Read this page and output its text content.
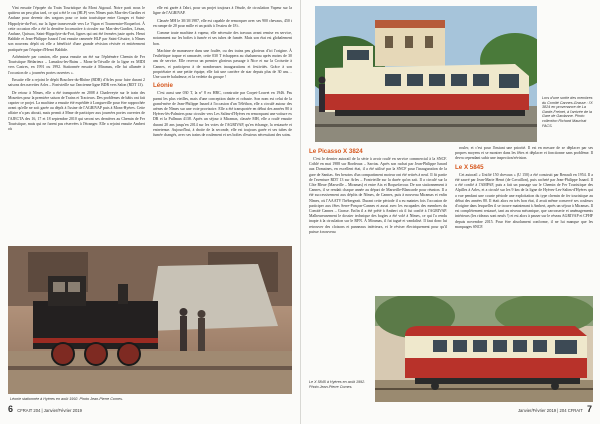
Vint ensuite l'épopée du Train Touristique du Mont Aigoual. Notre parti nous le quittera un peu plus tard, ce qui a été le cas (HLP) vers Nîmes puis Mas-des-Gardies et Anduze pour devenir des wagons pour ce train touristique entre Gonges et Saint-Hippolyte-du-Fort, sur la ligne transversale vers Le Vigan et Tournemire-Roquefort. À cette occasion elle a été la dernière locomotive à circuler sur Mas-des-Gardies, Lézan, Anduze, Quissac, Saint-Hippolyte-du-Fort, lignes qui ont été fermées juste après. Henri Baldide et Jean-Philippe Isnard l'ont ensuite ramenée HLP par Saint-Césaire, à Nîmes son nouveau dépôt où elle a bénéficié d'une grande révision révisée et entièrement pratiquée par l'équipe d'Henri Baldide.

Achéminée par camion, elle passa ensuite un été sur l'éphémère Chemin de Fer Touristique Bédarieux – Lamalou-les-Bains – Mons-la-Trivalle de la ligne ex MIDI vers Castres, en 1991 ou 1992. Stationnée ensuite à Miramas, elle fut allumée à l'occasion de « journées portes ouvertes ».

Ensuite elle a rejoint le dépôt Bouches-du-Rhône (BDR) d'Arles pour faire durant 2 saisons des navettes Arles – Fontvieille sur l'ancienne ligne BDR vers Salon (RDT 13).

De retour à Nîmes, elle a été transportée en 2008 à Chadeveyte sur le train des Mouettes pour la première saison de Trains et Tracteurs. Des problèmes de bâtis ont fait capoter ce projet. La machine a ensuite été expédiée à Longueville pour être rapprochée avant qu'elle ne soit garée au dépôt à l'usine de l'AGRIVAP puis à Mons-Hyères. Cette affaire n'a pas abouti, mais permit à Mme de participer aux journées portes ouvertes de l'AJECTA des 16, 17 et 18 septembre 2010 qui seront ses dernières au Chemin de Fer Touristique, mais qui ne furent pas réservées à l'étranger. Elle a rejoint ensuite Ambert où

elle est garée à l'abri, pour un projet toujours à l'étude, de circulation Vapeur sur la ligne de l'AGRIVAP.

Classée MH le 30/10/1987, elle est capable de remorquer avec ses 900 chevaux, 450 t en rampe de 20 pour mille et un poids à l'essieu de 18 t.

Comme toute machine à vapeur, elle nécessite des travaux avant remise en service, notamment sur les boîtes à fumée et ses tubes de fumée. Mais son état est globalement bon.

Machine de manœuvre dans une foulée, ou des trains peu glorieux d'ici l'origine. À l'esthétique trapue et ramassée, cette 030 T échappera au chalumeau après moins de 30 ans de service. Elle recevra un premier glorieux passage à Nice et sur la Croisette à Cannes, et participera à de nombreuses inaugurations et festivités. Grâce à son propriétaire et une petite équipe, elle fait une carrière de star depuis plus de 30 ans… Une sacrée baladeuse, et la vedette du groupe !

Léonie

C'est aussi une 030 T, la n° 8 ex HBC, construite par Corpet-Louvet en 1946. Pas parmi les plus vieilles, mais d'une conception datée et robuste. Son nom est celui de la grand-mère de Jean-Philippe Isnard à l'occasion d'un Téléthon, elle a circulé autour des arènes de Nîmes sur une voie provisoire. Elle a été transportée en début des années 80 à Hyères-lès-Palmiers pour circuler vers Les Salins-d'Hyères en remorquant une voiture ex DR et la Pullman 4138. Après un séjour à Miramas, classée MH, elle a roulé ensuite durant 20 ans jusqu'en 2014 sur les voies de l'AGRIVAP, qu'en échange, la restaurée et entretenue. Aujourd'hui, à droite de la seconde, elle est toujours garée et ses tubes de fumée changés, avec ses trains de roulement et ses boîtes d'essieux nécessitant des soins.

Léonie stationnée à Hyères en août 1992. Photo Jean-Pierre Comes.
6 CFRAIT 204 | Janvier/Février 2019
Lors d'une sortie des membres du Comité Cannes-Grasse : l'X 3824 en provenance de La Garde-Freinet, à l'arrivée de la Gare de Gardanne. Photo collection Richard Mauchat FACS.
Le Picasso X 3824

C'est le dernier autorail de la série à avoir roulé en service commercial à la SNCF. Criblé en mai 1988 sur Bordeaux – Sarrias. Après son rachat par Jean-Philippe Isnard aux Domaines, en excellent état, il a été utilisé par la SNCF pour l'inauguration de la gare de Sanitas. Ses besoins d'un compartiment moteur ont été retirés à neuf. Il fit partie de l'aventure RDT 13 sur Arles – Fontvieille sur la durée qu'on sait. Il a circulé sur la Côte Bleue (Marseille – Miramas) et entre Aix et Roquefavour. De son stationnement à Cannes, il se rendait chaque année au départ de Marseille-Blancarde pour réunion. Il a été successivement aux dépôts de Nîmes, de Cannes, puis à nouveau Miramas et enfin Nîmes, où l'AAATV l'hébergeait. Durant cette période il a eu maintes fois l'occasion de participer aux fêtes Serre-Ponçon-Cannes et aussi avec les escapades des membres du Comité Cannes – Grasse. Enfin il a été prêté à Ambert où il fut confié à l'AGRIVAP. Malheureusement le dossier technique des bogies a été volé à Nîmes, ce qui l'a rendu inapte à la circulation sur le RFN. À Miramas, il fut tagué et vandalisé. Il faut donc lui retrouver des cloisons et panneaux intérieurs, et le réviser électriquement pour qu'il puisse à nouveau

rouler, et c'est pour l'instant une priorité. Il est en mesure de se déplacer par ses propres moyens et se montrer dans les fêtes et déplacer et fonctionne sans problème. Il devra cependant subir une inspection/révision.

Le X 5845

Cet autorail « Unifié 150 chevaux » (U 150) a été construit par Renault en 1954. Il a été sauvé par Jean-Marie Henri (de Cavaillon), puis racheté par Jean-Philippe Isnard. Il a été confié à l'AMPAF, puis a fait un passage sur le Chemin de Fer Touristique des Alpilles à Arles, et a circulé sur les 9 km de la ligne de Hyères-Les-Salins-d'Hyères qui a vue pendant une courte période une exploitation du type chemin de fer touristique au début des années 80. Il était alors en très bon état, il avait même conservé ses couleurs d'origine dans lesquelles il se trouve maintenant à Ambert, après un séjour à Miramas. Il est complètement restauré, tant au niveau mécanique, que carrosserie et aménagements intérieurs (les rideaux sont neufs !) et est alors à passer sur le réseau AGRIVAP et CFHF depuis novembre 2015. Pour être absolument conforme, il ne lui manque que les marquages SNCF.

Le X 5845 à Hyères en août 1992. Photo Jean-Pierre Comes.
Janvier/Février 2019 | 204 CFRAIT 7
